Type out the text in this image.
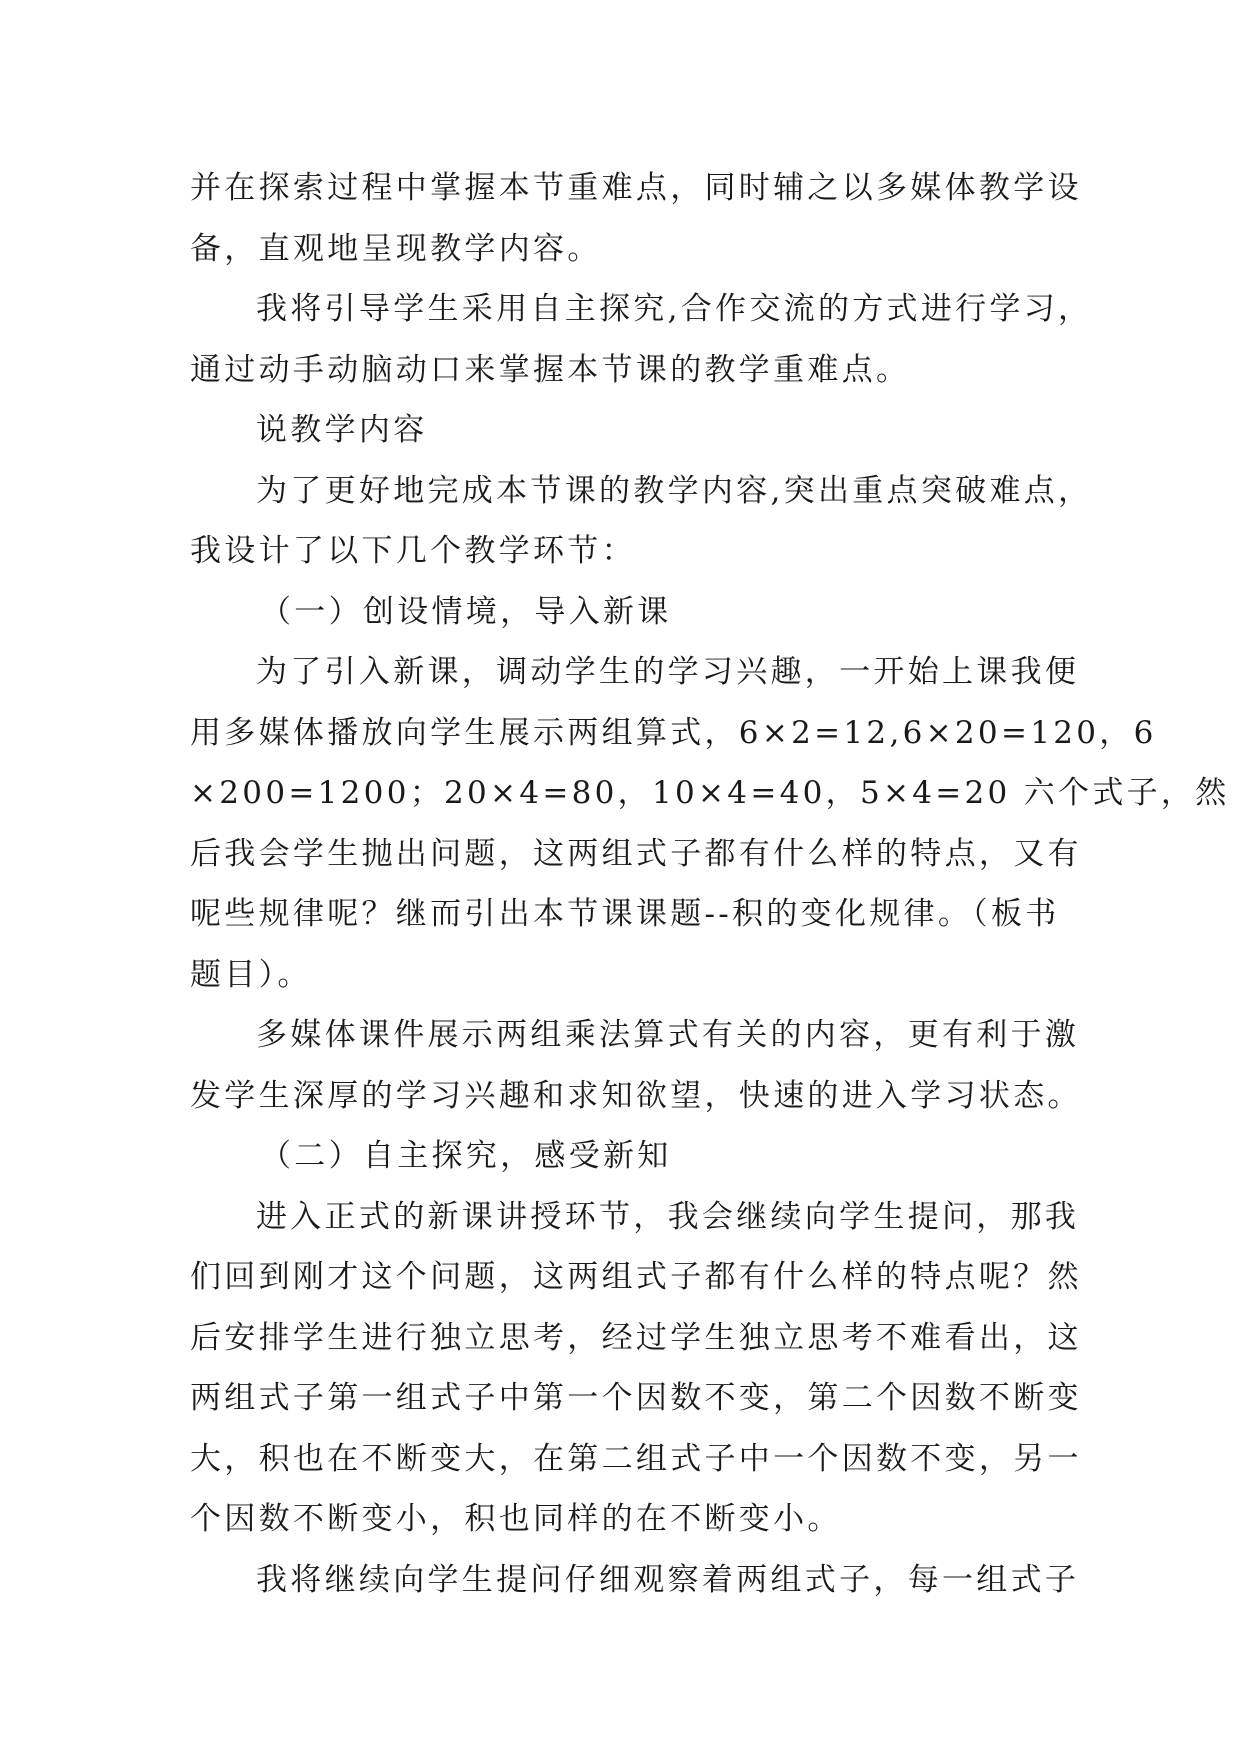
并在探索过程中掌握本节重难点，同时辅之以多媒体教学设
备，直观地呈现教学内容。
我将引导学生采用自主探究,合作交流的方式进行学习，
通过动手动脑动口来掌握本节课的教学重难点。
说教学内容
为了更好地完成本节课的教学内容,突出重点突破难点，
我设计了以下几个教学环节：
（一）创设情境，导入新课
为了引入新课，调动学生的学习兴趣，一开始上课我便
用多媒体播放向学生展示两组算式，6×2=12,6×20=120，6
×200=1200；20×4=80，10×4=40，5×4=20 六个式子，然
后我会学生抛出问题，这两组式子都有什么样的特点，又有
呢些规律呢？继而引出本节课课题--积的变化规律。（板书
题目）。
多媒体课件展示两组乘法算式有关的内容，更有利于激
发学生深厚的学习兴趣和求知欲望，快速的进入学习状态。
（二）自主探究，感受新知
进入正式的新课讲授环节，我会继续向学生提问，那我
们回到刚才这个问题，这两组式子都有什么样的特点呢？然
后安排学生进行独立思考，经过学生独立思考不难看出，这
两组式子第一组式子中第一个因数不变，第二个因数不断变
大，积也在不断变大，在第二组式子中一个因数不变，另一
个因数不断变小，积也同样的在不断变小。
我将继续向学生提问仔细观察着两组式子，每一组式子
